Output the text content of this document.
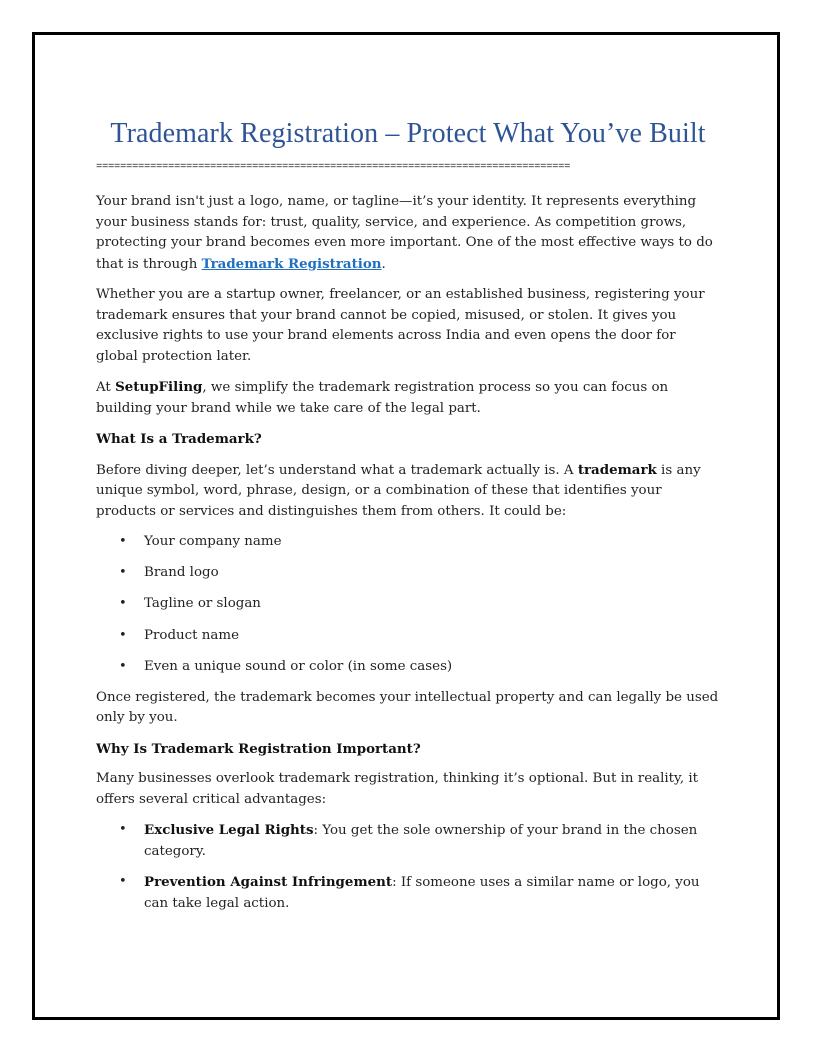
Trademark Registration – Protect What You’ve Built
===============================================================================

Your brand isn't just a logo, name, or tagline—it’s your identity. It represents everything your business stands for: trust, quality, service, and experience. As competition grows, protecting your brand becomes even more important. One of the most effective ways to do that is through Trademark Registration.

Whether you are a startup owner, freelancer, or an established business, registering your trademark ensures that your brand cannot be copied, misused, or stolen. It gives you exclusive rights to use your brand elements across India and even opens the door for global protection later.

At SetupFiling, we simplify the trademark registration process so you can focus on building your brand while we take care of the legal part.

What Is a Trademark?

Before diving deeper, let’s understand what a trademark actually is. A trademark is any unique symbol, word, phrase, design, or a combination of these that identifies your products or services and distinguishes them from others. It could be:

• Your company name
• Brand logo
• Tagline or slogan
• Product name
• Even a unique sound or color (in some cases)

Once registered, the trademark becomes your intellectual property and can legally be used only by you.

Why Is Trademark Registration Important?

Many businesses overlook trademark registration, thinking it’s optional. But in reality, it offers several critical advantages:

• Exclusive Legal Rights: You get the sole ownership of your brand in the chosen category.
• Prevention Against Infringement: If someone uses a similar name or logo, you can take legal action.
